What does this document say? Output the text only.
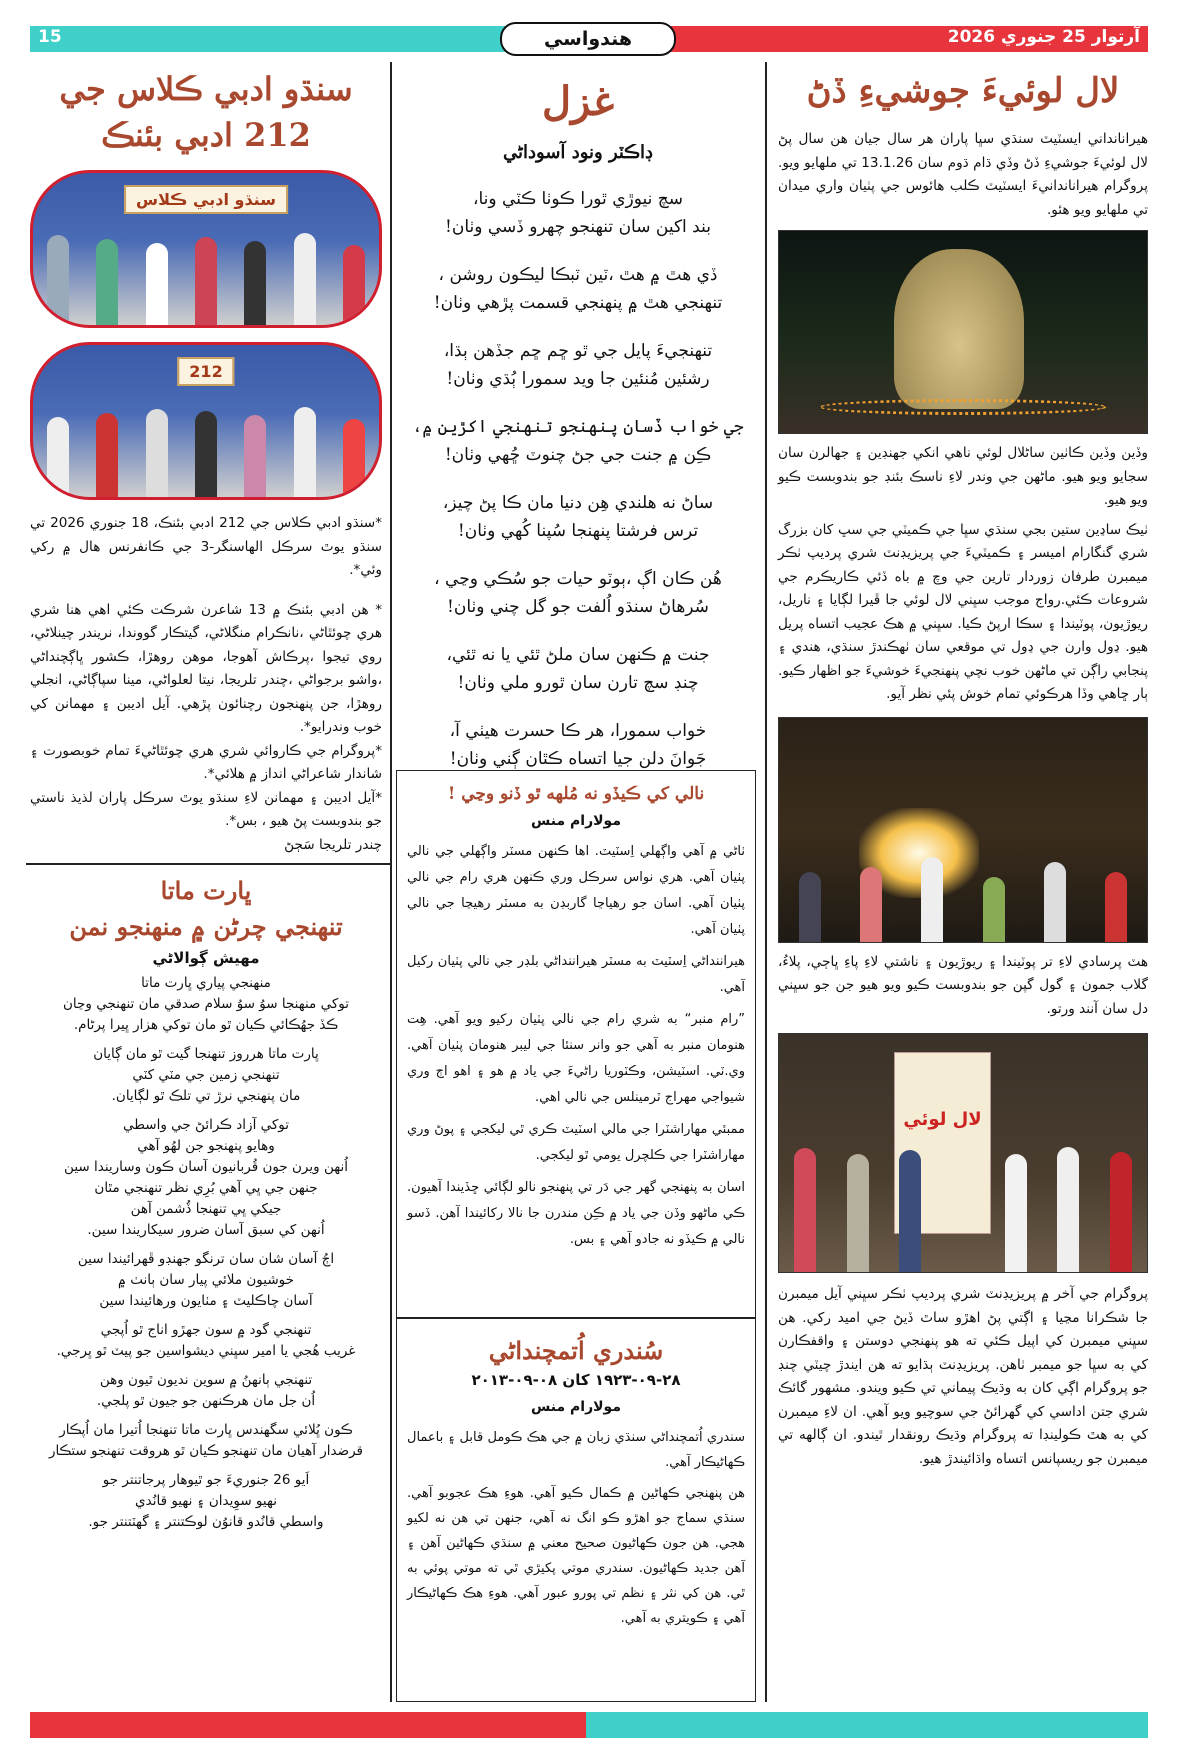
15	هندواسي	آرتوار 25 جنوري 2026
لال لوئيءَ جوشيءِ ڏڻ

هيرانانداني ايسٽيٽ سنڌي سڀا پاران هر سال جيان هن سال پڻ لال لوئيءَ جوشيءِ ڏڻ وڏي ڌام ڌوم سان 13.1.26 تي ملهايو ويو. پروگرام هيراناندانيءَ ايسٽيٽ ڪلب هائوس جي پٺيان واري ميدان تي ملهايو ويو هئو.

وڏين وڏين ڪاٺين ساڻلال لوئي ناهي انکي جهنڊين ۽ جهالرن سان سجايو ويو هيو. ماڻهن جي وندر لاءِ ناسڪ بئنڊ جو بندوبست ڪيو ويو هيو.

ٺيڪ ساڍين ستين بجي سنڌي سڀا جي ڪميٽي جي سڀ کان بزرگ شري گنگارام اميسر ۽ ڪميٽيءَ جي پريزيڊنٽ شري پرديپ ٺڪر ميمبرن طرفان زوردار تارين جي وچ ۾ باه ڏئي ڪاريڪرم جي شروعات ڪئي.رواج موجب سڀني لال لوئي جا ڦيرا لڳايا ۽ ناريل، ريوڙيون، پوٽيندا ۽ سڪا ارپڻ ڪيا. سڀني ۾ هڪ عجيب اتساه پريل هيو. ڍول وارن جي ڍول تي موقعي سان ٺهڪندڙ سنڌي، هندي ۽ پنجابي راڳن تي ماڻهن خوب نچي پنهنجيءَ خوشيءَ جو اظهار ڪيو. ٻار ڇاهي وڏا هرڪوئي تمام خوش پئي نظر آيو.

هٽ پرسادي لاءِ تر پوٽيندا ۽ ريوڙيون ۽ ناشتي لاءِ پاءِ ڀاڄي، پلاءُ، گلاب جمون ۽ گول گپن جو بندوبست ڪيو ويو هيو جن جو سڀني دل سان آنند ورتو.

لال لوئي

پروگرام جي آخر ۾ پريزيڊنٽ شري پرديپ ٺڪر سڀني آيل ميمبرن جا شڪرانا مڃيا ۽ اڳتي پڻ اهڙو ساٿ ڏيڻ جي اميد رکي. هن سڀني ميمبرن کي اپيل ڪئي ته هو پنهنجي دوستن ۽ واقفڪارن کي به سڀا جو ميمبر ٺاهن. پريزيڊنٽ ٻڌايو ته هن ايندڙ چيٽي چنڊ جو پروگرام اڳي کان به وڌيڪ پيماني تي ڪيو ويندو. مشهور گائڪ شري جتن اداسي کي گهرائڻ جي سوچيو ويو آهي. ان لاءِ ميمبرن کي به هٿ ڪولينڊا ته پروگرام وڌيڪ رونقدار ٿيندو. ان ڳالهه تي ميمبرن جو ريسپانس اتساه واڌائيندڙ هيو.

غزل
ڊاڪٽر ونود آسوداڻي
سچ نيوڙي ٿورا ڪوٺا ڪٽي ونا،
بند اکين سان تنهنجو چهرو ڏسي وٺان!
ڏي هٿ ۾ هٿ ،ٽين ٽبڪا ليڪون روشن ،
تنهنجي هٿ ۾ پنهنجي قسمت پڙهي وٺان!
تنهنجيءَ پايل جي ٿو ڇم ڇم جڏهن ٻڌا،
رشئين مُنئين جا ويد سمورا ٻُڌي وٺان!
جي خواب ڏسان پنهنجو تنهنجي اکڙين ۾،
ڪِن ۾ جنت جي جڻ چنوٽ ڇُهي وٺان!
ساڻ نه هلندي هِن دنيا مان ڪا پڻ چيز،
ترس فرشتا پنهنجا سُپنا کُهي وٺان!
هُن ڪان اڳ ،ٻوٽو حيات جو سُڪي وڃي ،
سُرهاڻ سنڌو اُلفت جو گل چني وٺان!
جنت ۾ ڪنهن سان ملڻ ٿئي يا نه ٿئي،
چنڊ سچ تارن سان ٿورو ملي وٺان!
خواب سمورا، هر ڪا حسرت هيٺي آ،
جَوانَ دلن جيا اتساه ڪٿان ڳني وٺان!
نالي کي ڪيڏو نه مُلهه ٿو ڏنو وڃي !
مولارام منس

ٺاڻي ۾ آهي واڳهلي اِسٽيٽ. اها ڪنهن مسٽر واڳهلي جي نالي پٺيان آهي. هري نواس سرڪل وري ڪنهن هري رام جي نالي پٺيان آهي. اسان جو رهياڃا گاربڊن به مسٽر رهيڃا جي نالي پٺيان آهي.

هيراننداڻي اِسٽيٽ به مسٽر هيراننداڻي بلڊر جي نالي پٺيان رکيل آهي.

”رام منبر“ به شري رام جي نالي پٺيان رکيو ويو آهي. هِت هنومان منبر به آهي جو وانر سنئا جي ليبر هنومان پٺيان آهي. وي.ٽي. اسٽيشن، وڪٽوريا راڻيءَ جي ياد ۾ هو ۽ اهو اڄ وري شيواجي مهراج ٽرمينلس جي نالي اهي.

ممبئي مهاراشٽرا جي مالي اسٽيٽ ڪري ٿي ليکجي ۽ پوڻ وري مهاراشٽرا جي ڪلچرل يومي ٿو ليکجي.

اسان به پنهنجي گهر جي دَر تي پنهنجو نالو لڳائي ڇڏيندا آهيون. ڪي ماڻهو وڏن جي ياد ۾ ڪِن مندرن جا نالا رکائيندا آهن. ڏسو نالي ۾ ڪيڏو نه جادو آهي ۽ بس.

سُندري اُتمچنداڻي
٢٨-٠٩-١٩٢٣ کان ٠٨-٠٩-٢٠١٣
مولارام منس

سندري اُتمچنداڻي سنڌي زبان ۾ جي هڪ ڪومل قابل ۽ باعمال ڪهاڻيڪار آهي.

هن پنهنجي ڪهاڻين ۾ ڪمال ڪيو آهي. هوءِ هڪ عجوبو آهي. سنڌي سماج جو اهڙو ڪو انگ نه آهي، جنهن تي هن نه لکيو هجي. هن جون ڪهاڻيون صحيح معني ۾ سنڌي ڪهاڻين آهن ۽ آهن جديد ڪهاڻيون. سندري موتي پکيڙي ٿي ته موتي پوئي به ٿي. هن کي نثر ۽ نظم تي پورو عبور آهي. هوءِ هڪ ڪهاڻيڪار آهي ۽ ڪويتري به آهي.

سنڌو ادبي ڪلاس جي
212 ادبي بئنڪ
سنڌو ادبي ڪلاس
212

*سنڌو ادبي ڪلاس جي 212 ادبي بئنڪ، 18 جنوري 2026 تي سنڌو يوٿ سرڪل الهاسنگر-3 جي ڪانفرنس هال ۾ رکي وئي*.

* هن ادبي بئنڪ ۾ 13 شاعرن شرڪت ڪئي اهي هنا شري هري چوئٿاڻي ،نانڪرام منگلاڻي، گيتڪار گووندا، نريندر چينلاڻي، روي تيجوا ،پرڪاش آهوجا، موهن روهڙا، ڪشور ڀاڳچنداڻي ،واشو برجواڻي ،چندر تلريجا، نيتا لعلواڻي، مينا سپاڳاڻي، انجلي روهڙا، جن پنهنجون رچنائون پڙهي. آيل اديبن ۽ مهمانن کي خوب وندرايو*.

*پروگرام جي ڪاروائي شري هري چوئٿاڻيءَ تمام خوبصورت ۽ شاندار شاعراڻي انداز ۾ هلائي*.

*آيل اديبن ۽ مهمانن لاءِ سنڌو يوٿ سرڪل پاران لذيذ ناستي جو بندوبست پڻ هيو ، بس*.

چندر تلريجا سَڄڻ

ڀارت ماتا
تنهنجي چرڻن ۾ منهنجو نمن
مهيش ڳوالاڻي
منهنجي پياري ڀارت ماتا
توکي منهنجا سوُ سوُ سلام صدقي مان تنهنجي وڃان
ڪڏ جهُڪائي ڪيان ٿو مان توکي هزار ڀيرا پرڻام.
ڀارت ماتا هرروز تنهنجا گيت ٿو مان ڳايان
تنهنجي زمين جي مٽي کٽي
مان پنهنجي نرڙ تي تلڪ ٿو لڳايان.
توکي آزاد ڪرائڻ جي واسطي
وهايو پنهنجو جن لهُو آهي
اُنهن ويرن جون قُربانيون آسان ڪون وساريندا سين
جنهن جي ڀي آهي بُرِي نظر تنهنجي مٿان
جيکي ڀي تنهنجا ڏُشمن آهن
اُنهن کي سبق آسان ضرور سيکاريندا سين.
اڄُ آسان شان سان ترنگو جهنڊو ڦهرائيندا سين
خوشيون ملائي پيار سان ٻانٺ ۾
آسان چاڪليٽ ۽ مٺايون ورهائيندا سين
تنهنجي گود ۾ سون جهڙو اناج ٿو اُپجي
غريب هُجي يا امير سڀني ديشواسين جو پيٽ ٿو ڀرجي.
تنهنجي ٻانهنُ ۾ سوين نديون ٿيون وهن
اُن جل مان هرڪنهن جو جيون ٿو پلجي.
ڪون ڀُلائي سگهندس ڀارت ماتا تنهنجا اُتيرا مان اُپڪار
قرضدار آهيان مان تنهنجو ڪيان ٿو هروقت تنهنجو ستڪار
اَيو 26 جنوريءَ جو ٿيوهار پرجاتنتر جو
نهيو سوِيدان ۽ نهيو قانُدي
واسطي قانُدو قانوُن لوڪتنتر ۽ گهٽتنتر جو.
